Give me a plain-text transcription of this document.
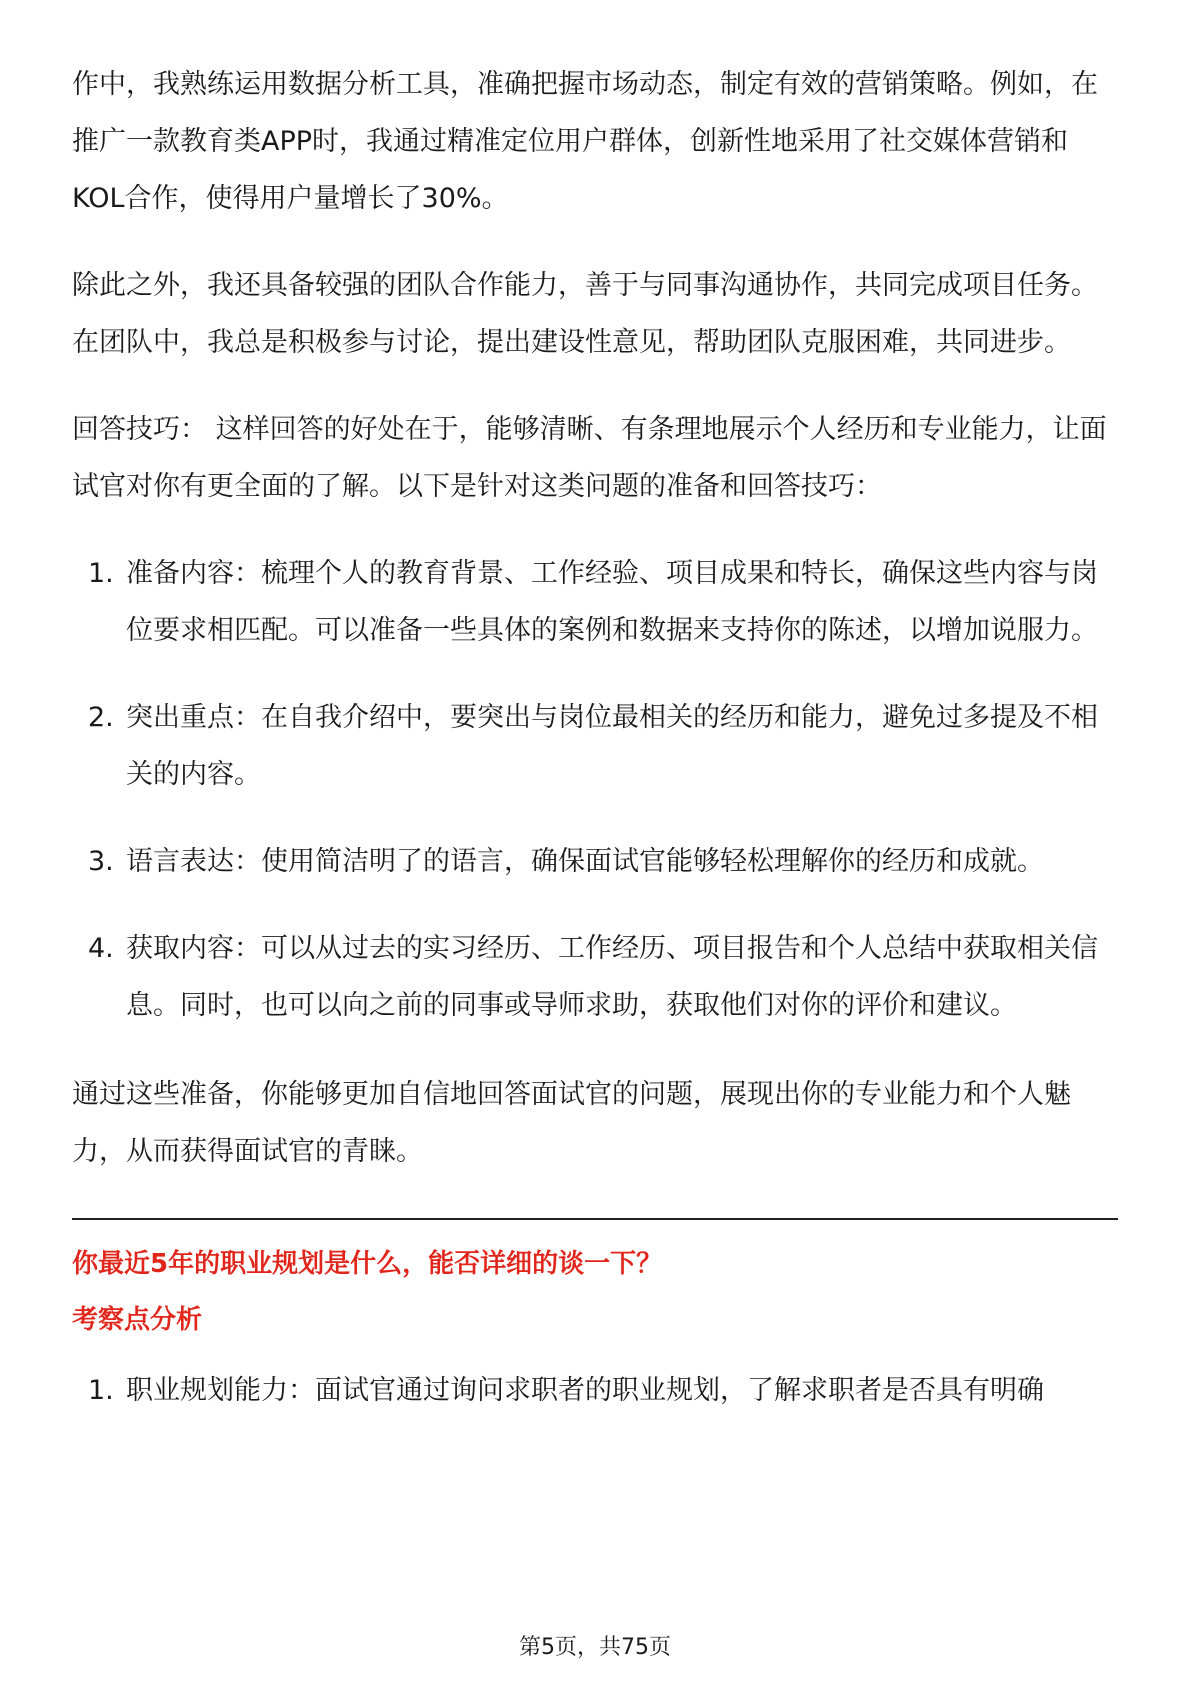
作中，我熟练运用数据分析工具，准确把握市场动态，制定有效的营销策略。例如，在推广一款教育类APP时，我通过精准定位用户群体，创新性地采用了社交媒体营销和KOL合作，使得用户量增长了30%。

除此之外，我还具备较强的团队合作能力，善于与同事沟通协作，共同完成项目任务。在团队中，我总是积极参与讨论，提出建设性意见，帮助团队克服困难，共同进步。

回答技巧： 这样回答的好处在于，能够清晰、有条理地展示个人经历和专业能力，让面试官对你有更全面的了解。以下是针对这类问题的准备和回答技巧：

1. 准备内容：梳理个人的教育背景、工作经验、项目成果和特长，确保这些内容与岗位要求相匹配。可以准备一些具体的案例和数据来支持你的陈述，以增加说服力。
2. 突出重点：在自我介绍中，要突出与岗位最相关的经历和能力，避免过多提及不相关的内容。
3. 语言表达：使用简洁明了的语言，确保面试官能够轻松理解你的经历和成就。
4. 获取内容：可以从过去的实习经历、工作经历、项目报告和个人总结中获取相关信息。同时，也可以向之前的同事或导师求助，获取他们对你的评价和建议。

通过这些准备，你能够更加自信地回答面试官的问题，展现出你的专业能力和个人魅力，从而获得面试官的青睐。

你最近5年的职业规划是什么，能否详细的谈一下？
考察点分析
1. 职业规划能力：面试官通过询问求职者的职业规划，了解求职者是否具有明确
第5页，共75页
